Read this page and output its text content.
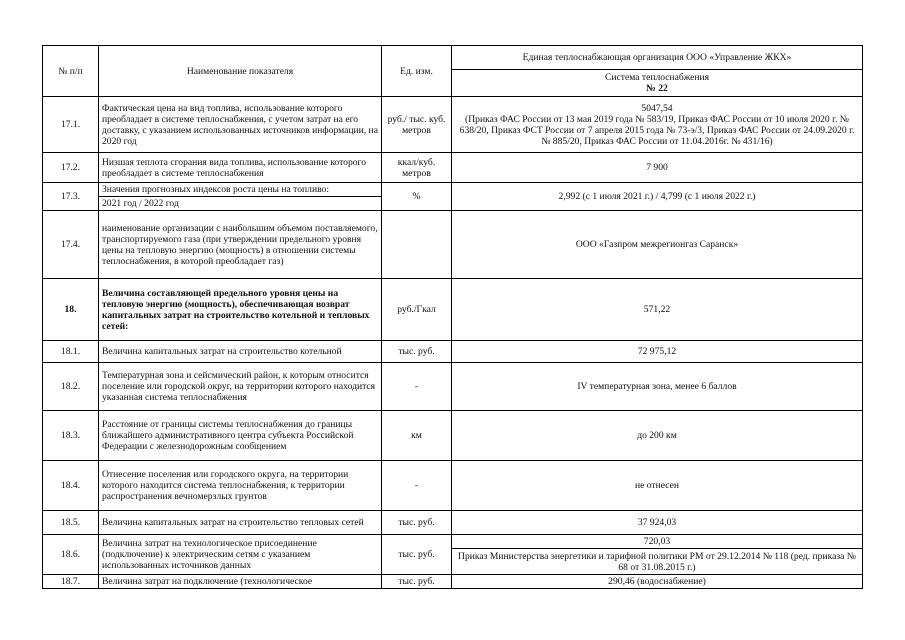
№ п/п	Наименование показателя	Ед. изм.	Единая теплоснабжающая организация ООО «Управление ЖКХ»

			Система теплоснабжения
№ 22

17.1.	Фактическая цена на вид топлива, использование которого преобладает в системе теплоснабжения, с учетом затрат на его доставку, с указанием использованных источников информации, на 2020 год	руб./ тыс. куб. метров	5047,54
(Приказ ФАС России от 13 мая 2019 года № 583/19, Приказ ФАС России от 10 июля 2020 г. № 638/20, Приказ ФСТ России от 7 апреля 2015 года № 73-э/3, Приказ ФАС России от 24.09.2020 г. № 885/20, Приказ ФАС России от 11.04.2016г. № 431/16)

17.2.	Низшая теплота сгорания вида топлива, использование которого преобладает в системе теплоснабжения	ккал/куб. метров	7 900
17.3.	Значения прогнозных индексов роста цены на топливо:	%	2,992 (с 1 июля 2021 г.) / 4,799 (с 1 июля 2022 г.)
	2021 год / 2022 год		
17.4.	наименование организации с наибольшим объемом поставляемого, транспортируемого газа (при утверждении предельного уровня цены на тепловую энергию (мощность) в отношении системы теплоснабжения, в которой преобладает газ)		ООО «Газпром межрегионгаз Саранск»
18.	Величина составляющей предельного уровня цены на тепловую энергию (мощность), обеспечивающая возврат капитальных затрат на строительство котельной и тепловых сетей:	руб./Гкал	571,22
18.1.	Величина капитальных затрат на строительство котельной	тыс. руб.	72 975,12
18.2.	Температурная зона и сейсмический район, к которым относится поселение или городской округ, на территории которого находится указанная система теплоснабжения	-	IV температурная зона, менее 6 баллов
18.3.	Расстояние от границы системы теплоснабжения до границы ближайшего административного центра субъекта Российской Федерации с железнодорожным сообщением	км	до 200 км
18.4.	Отнесение поселения или городского округа, на территории которого находится система теплоснабжения, к территории распространения вечномерзлых грунтов	-	не отнесен
18.5.	Величина капитальных затрат на строительство тепловых сетей	тыс. руб.	37 924,03
18.6.	Величина затрат на технологическое присоединение (подключение) к электрическим сетям с указанием использованных источников данных	тыс. руб.	720,03
			Приказ Министерства энергетики и тарифной политики РМ от 29.12.2014 № 118 (ред. приказа № 68 от 31.08.2015 г.)
18.7.	Величина затрат на подключение (технологическое	тыс. руб.	290,46 (водоснабжение)
